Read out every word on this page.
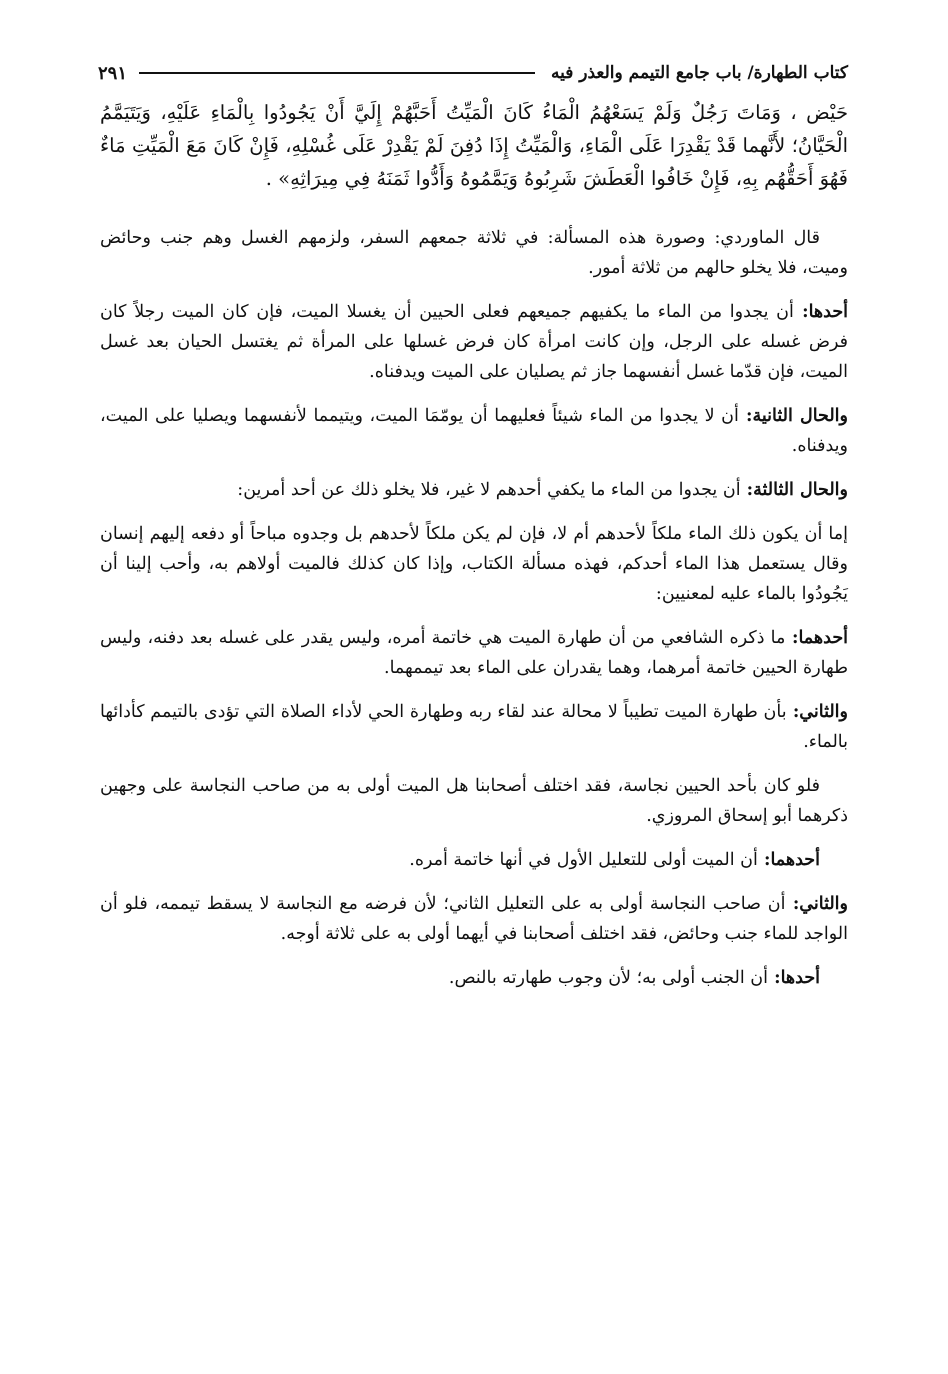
كتاب الطهارة/ باب جامع التيمم والعذر فيه
٢٩١

حَيْض ، وَمَاتَ رَجُلٌ وَلَمْ يَسَعْهُمُ الْمَاءُ كَانَ الْمَيِّتُ أَحَبَّهُمْ إِلَيَّ أَنْ يَجُودُوا بِالْمَاءِ عَلَيْهِ، وَيَتَيَمَّمُ الْحَيَّانُ؛ لأَنَّهما قَدْ يَقْدِرَا عَلَى الْمَاءِ، وَالْمَيِّتُ إِذَا دُفِنَ لَمْ يَقْدِرْ عَلَى غُسْلِهِ، فَإِنْ كَانَ مَعَ الْمَيِّتِ مَاءٌ فَهُوَ أَحَقُّهُم بِهِ، فَإِنْ خَافُوا الْعَطَشَ شَرِبُوهُ وَيَمَّمُوهُ وَأَدُّوا ثَمَنَهُ فِي مِيرَاثِهِ» .

قال الماوردي: وصورة هذه المسألة: في ثلاثة جمعهم السفر، ولزمهم الغسل وهم جنب وحائض وميت، فلا يخلو حالهم من ثلاثة أمور.

أحدها: أن يجدوا من الماء ما يكفيهم جميعهم فعلى الحيين أن يغسلا الميت، فإن كان الميت رجلاً كان فرض غسله على الرجل، وإن كانت امرأة كان فرض غسلها على المرأة ثم يغتسل الحيان بعد غسل الميت، فإن قدّما غسل أنفسهما جاز ثم يصليان على الميت ويدفناه.

والحال الثانية: أن لا يجدوا من الماء شيئاً فعليهما أن يومّمَا الميت، ويتيمما لأنفسهما ويصليا على الميت، ويدفناه.

والحال الثالثة: أن يجدوا من الماء ما يكفي أحدهم لا غير، فلا يخلو ذلك عن أحد أمرين:

إما أن يكون ذلك الماء ملكاً لأحدهم أم لا، فإن لم يكن ملكاً لأحدهم بل وجدوه مباحاً أو دفعه إليهم إنسان وقال يستعمل هذا الماء أحدكم، فهذه مسألة الكتاب، وإذا كان كذلك فالميت أولاهم به، وأحب إلينا أن يَجُودُوا بالماء عليه لمعنيين:

أحدهما: ما ذكره الشافعي من أن طهارة الميت هي خاتمة أمره، وليس يقدر على غسله بعد دفنه، وليس طهارة الحيين خاتمة أمرهما، وهما يقدران على الماء بعد تيممهما.

والثاني: بأن طهارة الميت تطيباً لا محالة عند لقاء ربه وطهارة الحي لأداء الصلاة التي تؤدى بالتيمم كأدائها بالماء.

فلو كان بأحد الحيين نجاسة، فقد اختلف أصحابنا هل الميت أولى به من صاحب النجاسة على وجهين ذكرهما أبو إسحاق المروزي.

أحدهما: أن الميت أولى للتعليل الأول في أنها خاتمة أمره.

والثاني: أن صاحب النجاسة أولى به على التعليل الثاني؛ لأن فرضه مع النجاسة لا يسقط تيممه، فلو أن الواجد للماء جنب وحائض، فقد اختلف أصحابنا في أيهما أولى به على ثلاثة أوجه.

أحدها: أن الجنب أولى به؛ لأن وجوب طهارته بالنص.
